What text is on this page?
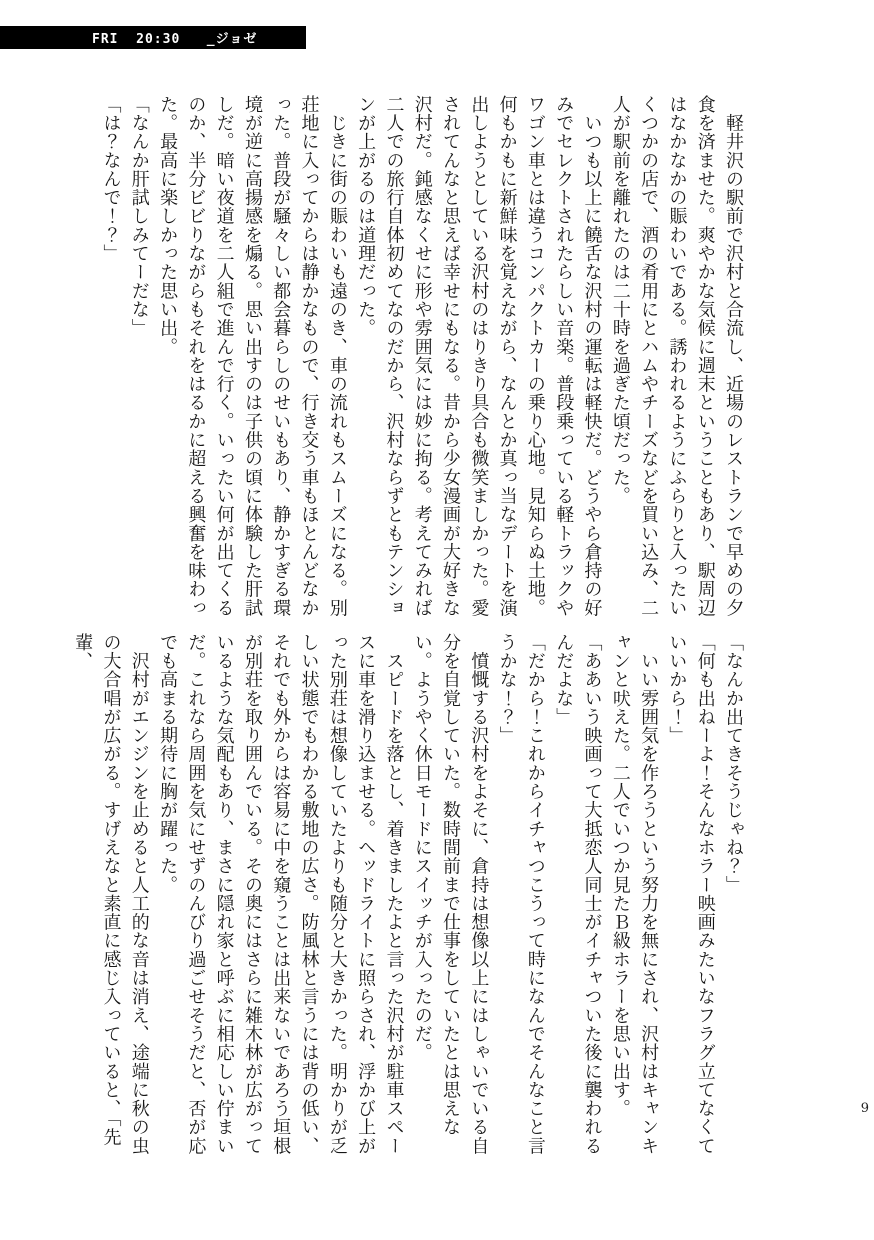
FRI  20:30   _ジョゼ

　軽井沢の駅前で沢村と合流し、近場のレストランで早めの夕食を済ませた。爽やかな気候に週末ということもあり、駅周辺はなかなかの賑わいである。誘われるようにふらりと入ったいくつかの店で、酒の肴用にとハムやチーズなどを買い込み、二人が駅前を離れたのは二十時を過ぎた頃だった。

　いつも以上に饒舌な沢村の運転は軽快だ。どうやら倉持の好みでセレクトされたらしい音楽。普段乗っている軽トラックやワゴン車とは違うコンパクトカーの乗り心地。見知らぬ土地。何もかもに新鮮味を覚えながら、なんとか真っ当なデートを演出しようとしている沢村のはりきり具合も微笑ましかった。愛されてんなと思えば幸せにもなる。昔から少女漫画が大好きな沢村だ。鈍感なくせに形や雰囲気には妙に拘る。考えてみれば二人での旅行自体初めてなのだから、沢村ならずともテンションが上がるのは道理だった。

　じきに街の賑わいも遠のき、車の流れもスムーズになる。別荘地に入ってからは静かなもので、行き交う車もほとんどなかった。普段が騒々しい都会暮らしのせいもあり、静かすぎる環境が逆に高揚感を煽る。思い出すのは子供の頃に体験した肝試しだ。暗い夜道を二人組で進んで行く。いったい何が出てくるのか、半分ビビりながらもそれをはるかに超える興奮を味わった。最高に楽しかった思い出。

「なんか肝試しみてーだな」

「は？なんで！？」

「なんか出てきそうじゃね？」

「何も出ねーよ！そんなホラー映画みたいなフラグ立てなくていいから！」

　いい雰囲気を作ろうという努力を無にされ、沢村はキャンキャンと吠えた。二人でいつか見たＢ級ホラーを思い出す。

「ああいう映画って大抵恋人同士がイチャついた後に襲われるんだよな」

「だから！これからイチャつこうって時になんでそんなこと言うかな！？」

　憤慨する沢村をよそに、倉持は想像以上にはしゃいでいる自分を自覚していた。数時間前まで仕事をしていたとは思えない。ようやく休日モードにスイッチが入ったのだ。

　スピードを落とし、着きましたよと言った沢村が駐車スペースに車を滑り込ませる。ヘッドライトに照らされ、浮かび上がった別荘は想像していたよりも随分と大きかった。明かりが乏しい状態でもわかる敷地の広さ。防風林と言うには背の低い、それでも外からは容易に中を窺うことは出来ないであろう垣根が別荘を取り囲んでいる。その奥にはさらに雑木林が広がっているような気配もあり、まさに隠れ家と呼ぶに相応しい佇まいだ。これなら周囲を気にせずのんびり過ごせそうだと、否が応でも高まる期待に胸が躍った。

　沢村がエンジンを止めると人工的な音は消え、途端に秋の虫の大合唱が広がる。すげえなと素直に感じ入っていると、「先輩、

9
